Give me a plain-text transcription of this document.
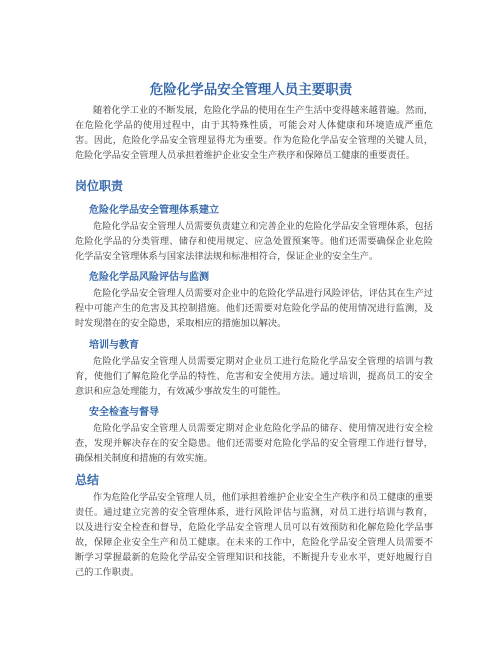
危险化学品安全管理人员主要职责

随着化学工业的不断发展，危险化学品的使用在生产生活中变得越来越普遍。然而，在危险化学品的使用过程中，由于其特殊性质，可能会对人体健康和环境造成严重危害。因此，危险化学品安全管理显得尤为重要。作为危险化学品安全管理的关键人员，危险化学品安全管理人员承担着维护企业安全生产秩序和保障员工健康的重要责任。

岗位职责
危险化学品安全管理体系建立

危险化学品安全管理人员需要负责建立和完善企业的危险化学品安全管理体系，包括危险化学品的分类管理、储存和使用规定、应急处置预案等。他们还需要确保企业危险化学品安全管理体系与国家法律法规和标准相符合，保证企业的安全生产。

危险化学品风险评估与监测

危险化学品安全管理人员需要对企业中的危险化学品进行风险评估，评估其在生产过程中可能产生的危害及其控制措施。他们还需要对危险化学品的使用情况进行监测，及时发现潜在的安全隐患，采取相应的措施加以解决。

培训与教育

危险化学品安全管理人员需要定期对企业员工进行危险化学品安全管理的培训与教育，使他们了解危险化学品的特性、危害和安全使用方法。通过培训，提高员工的安全意识和应急处理能力，有效减少事故发生的可能性。

安全检查与督导

危险化学品安全管理人员需要定期对企业危险化学品的储存、使用情况进行安全检查，发现并解决存在的安全隐患。他们还需要对危险化学品的安全管理工作进行督导，确保相关制度和措施的有效实施。

总结

作为危险化学品安全管理人员，他们承担着维护企业安全生产秩序和员工健康的重要责任。通过建立完善的安全管理体系，进行风险评估与监测，对员工进行培训与教育，以及进行安全检查和督导，危险化学品安全管理人员可以有效预防和化解危险化学品事故，保障企业安全生产和员工健康。在未来的工作中，危险化学品安全管理人员需要不断学习掌握最新的危险化学品安全管理知识和技能，不断提升专业水平，更好地履行自己的工作职责。
